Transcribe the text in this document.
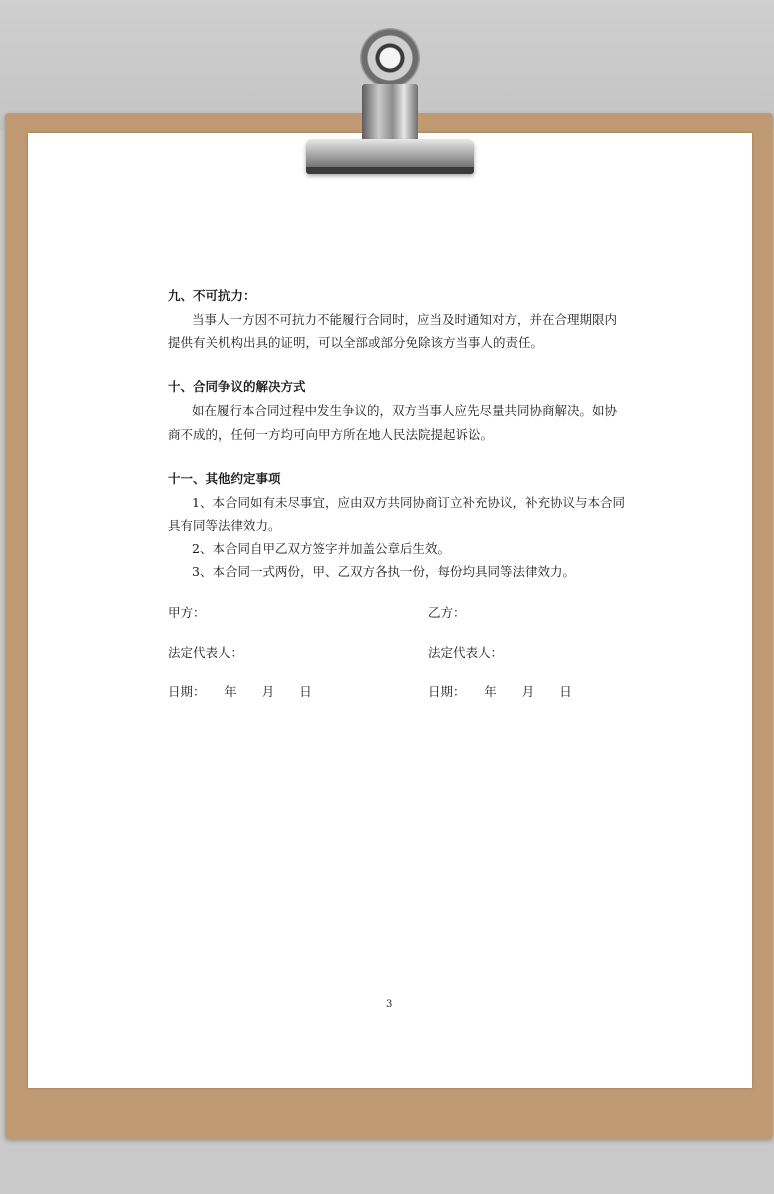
九、不可抗力：
当事人一方因不可抗力不能履行合同时，应当及时通知对方，并在合理期限内
提供有关机构出具的证明，可以全部或部分免除该方当事人的责任。
十、合同争议的解决方式
如在履行本合同过程中发生争议的，双方当事人应先尽量共同协商解决。如协
商不成的，任何一方均可向甲方所在地人民法院提起诉讼。
十一、其他约定事项
1、本合同如有未尽事宜，应由双方共同协商订立补充协议，补充协议与本合同
具有同等法律效力。
2、本合同自甲乙双方签字并加盖公章后生效。
3、本合同一式两份，甲、乙双方各执一份，每份均具同等法律效力。
甲方：	乙方：
法定代表人：	法定代表人：
日期：　　年　　月　　日	日期：　　年　　月　　日
3
